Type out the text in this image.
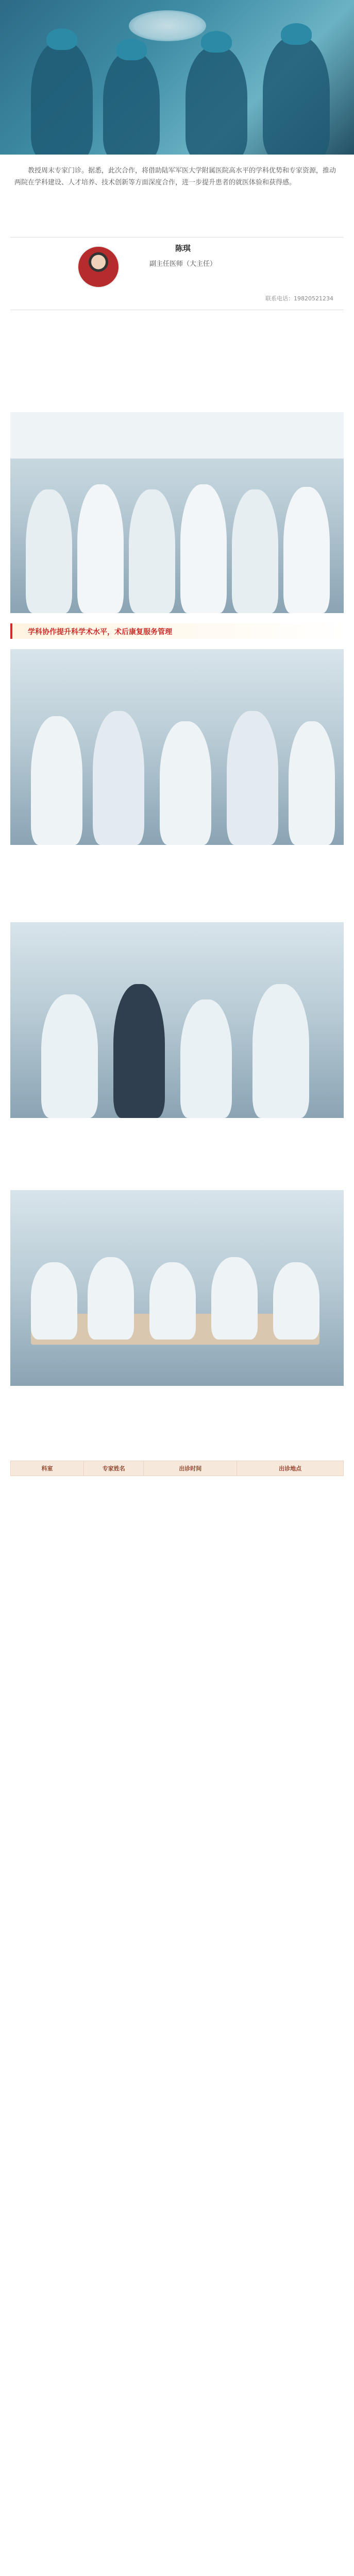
教授周末专家门诊。据悉，此次合作，将借助陆军军医大学附属医院高水平的学科优势和专家资源，推动两院在学科建设、人才培养、技术创新等方面深度合作，进一步提升患者的就医体验和获得感。
陈琪
副主任医师（大主任）
联系电话：19820521234
学科协作提升科学术水平，术后康复服务管理
科室	专家姓名	出诊时间	出诊地点
